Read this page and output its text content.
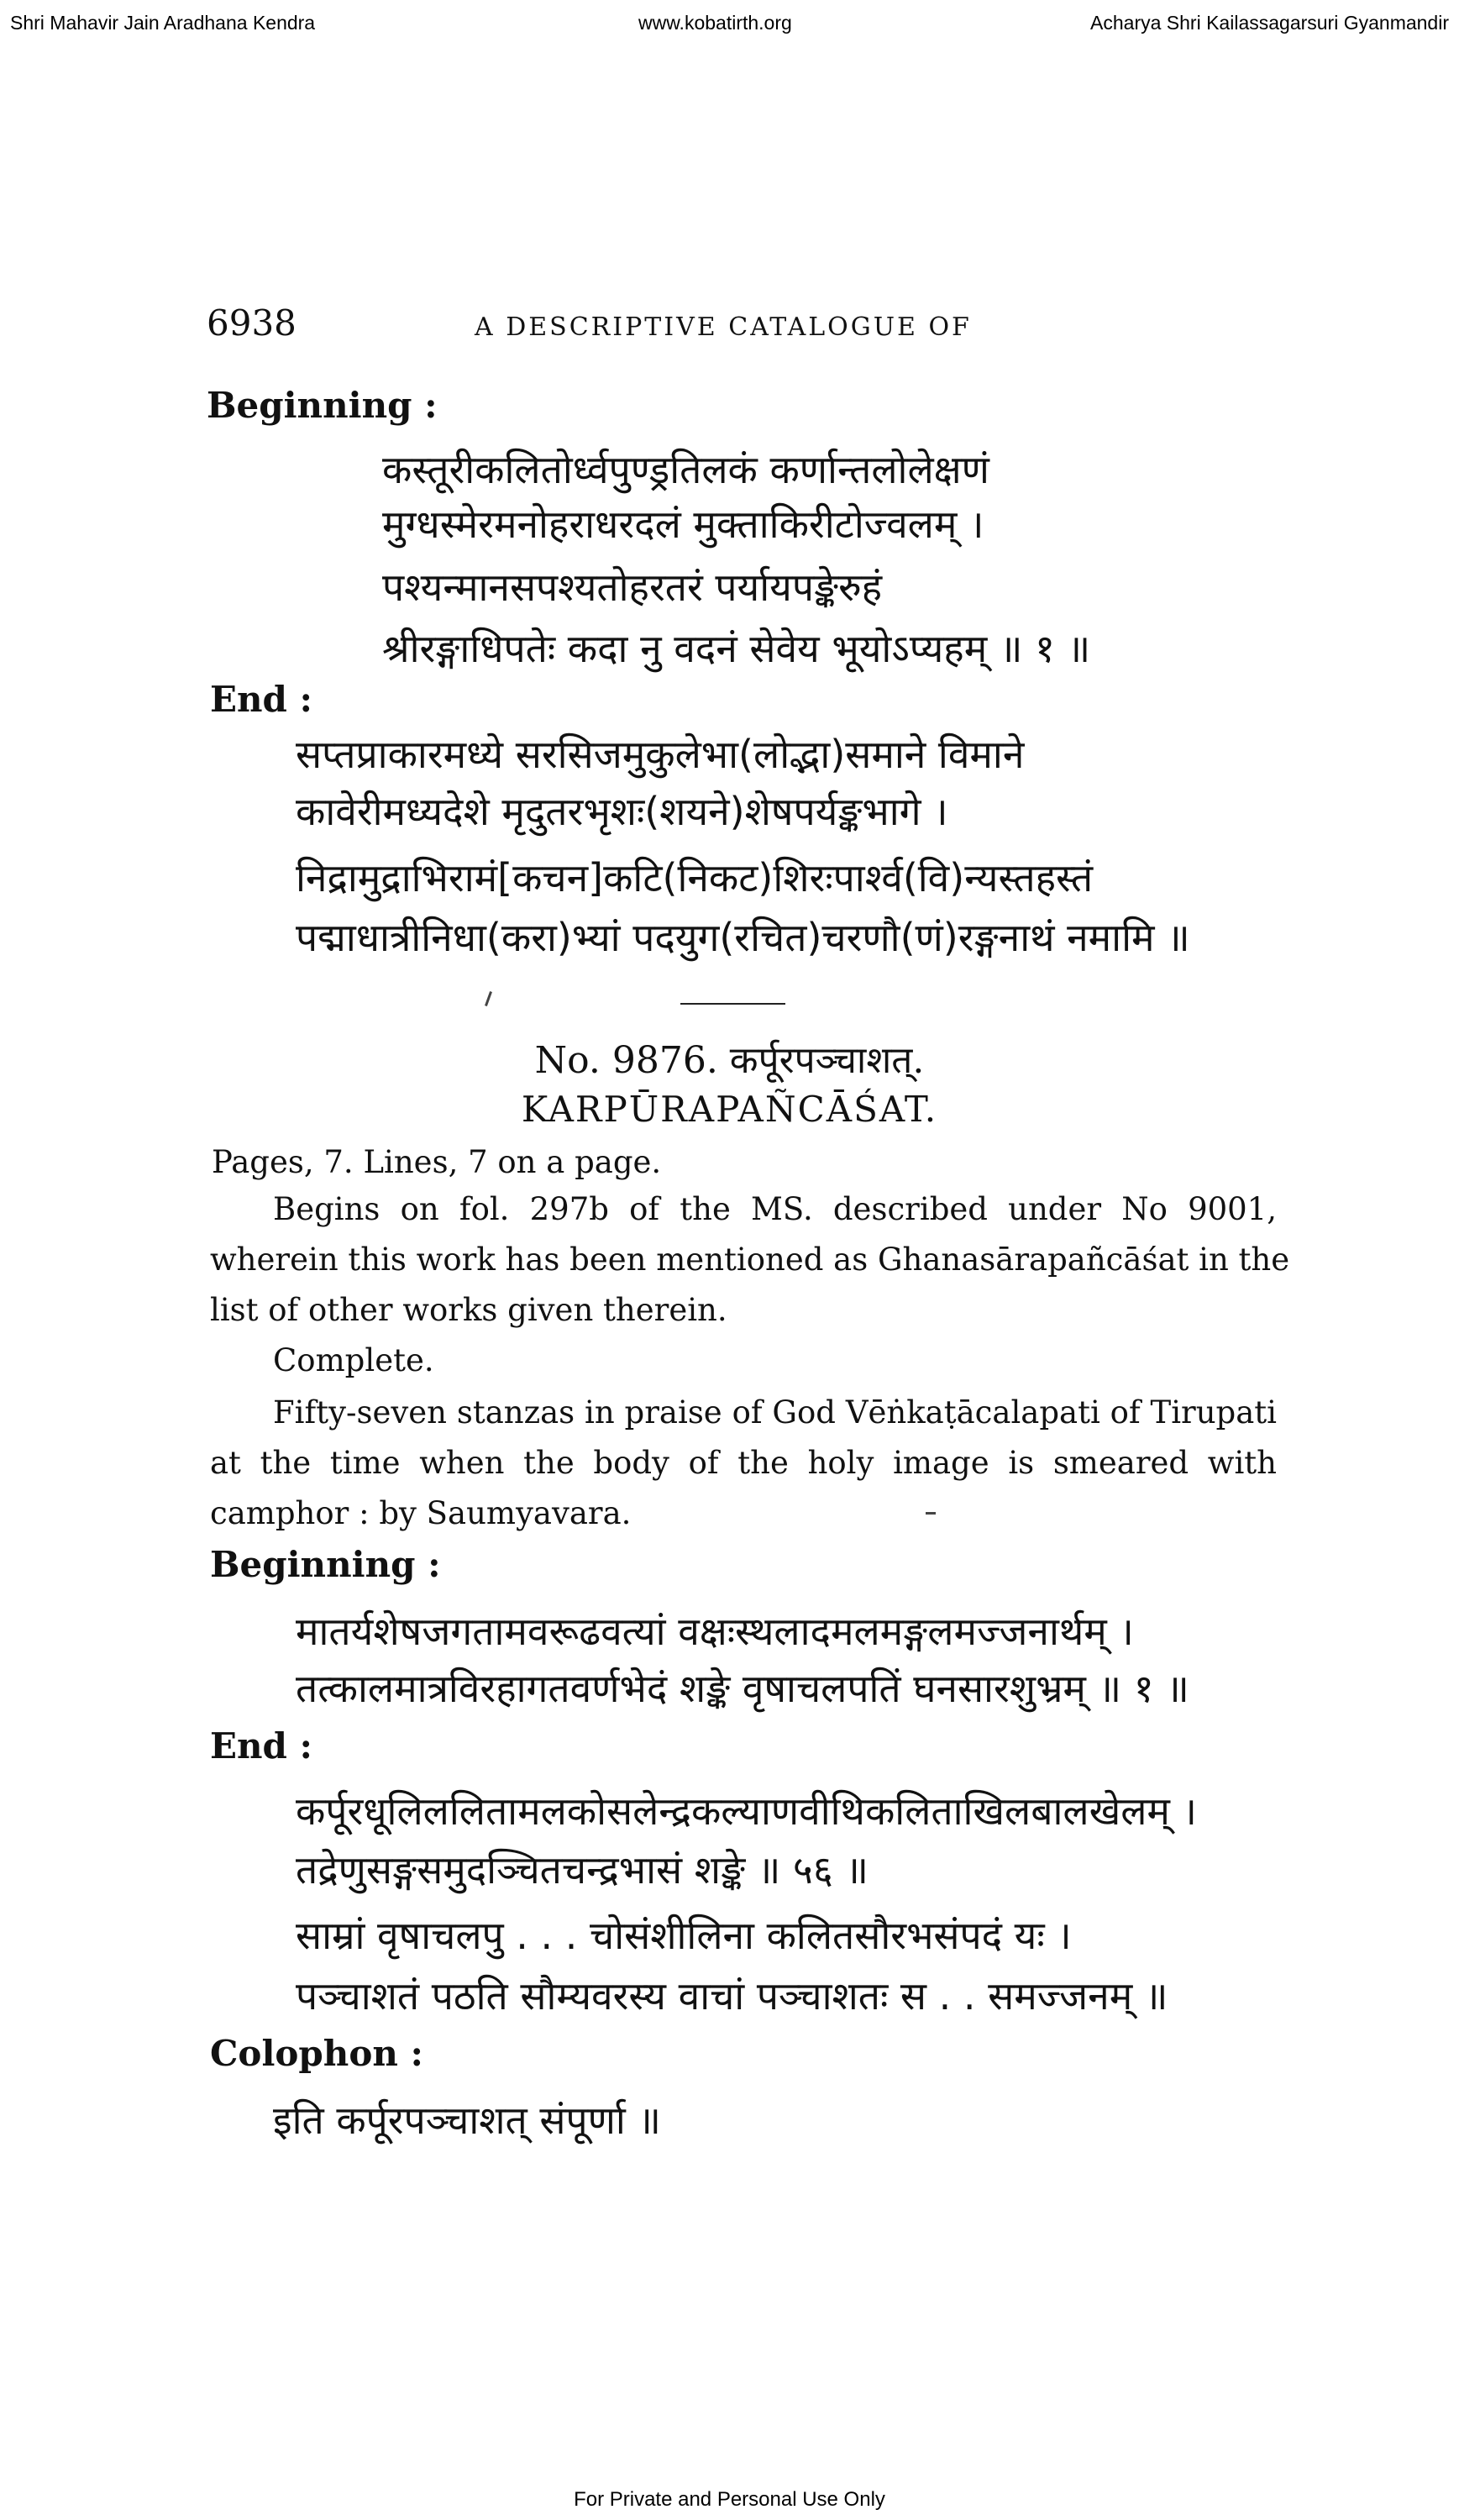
Shri Mahavir Jain Aradhana Kendra	www.kobatirth.org	Acharya Shri Kailassagarsuri Gyanmandir
6938	A DESCRIPTIVE CATALOGUE OF
Beginning :
कस्तूरीकलितोर्ध्वपुण्ड्रतिलकं कर्णान्तलोलेक्षणं
मुग्धस्मेरमनोहराधरदलं मुक्ताकिरीटोज्वलम् ।
पश्यन्मानसपश्यतोहरतरं पर्यायपङ्केरुहं
श्रीरङ्गाधिपतेः कदा नु वदनं सेवेय भूयोऽप्यहम् ॥ १ ॥
End :
सप्तप्राकारमध्ये सरसिजमुकुलेभा(लोद्भा)समाने विमाने
कावेरीमध्यदेशे मृदुतरभृशः(शयने)शेषपर्यङ्कभागे ।
निद्रामुद्राभिरामं[कचन]कटि(निकट)शिरःपार्श्व(वि)न्यस्तहस्तं
पद्माधात्रीनिधा(करा)भ्यां पदयुग(रचित)चरणौ(णं)रङ्गनाथं नमामि ॥
No. 9876. कर्पूरपञ्चाशत्.
KARPŪRAPAÑCĀŚAT.
Pages, 7. Lines, 7 on a page.
Begins on fol. 297b of the MS. described under No 9001,
wherein this work has been mentioned as Ghanasārapañcāśat in the
list of other works given therein.
Complete.
Fifty-seven stanzas in praise of God Vēṅkaṭācalapati of Tirupati
at the time when the body of the holy image is smeared with
camphor : by Saumyavara.
Beginning :
मातर्यशेषजगतामवरूढवत्यां वक्षःस्थलादमलमङ्गलमज्जनार्थम् ।
तत्कालमात्रविरहागतवर्णभेदं शङ्के वृषाचलपतिं घनसारशुभ्रम् ॥ १ ॥
End :
कर्पूरधूलिललितामलकोसलेन्द्रकल्याणवीथिकलिताखिलबालखेलम् ।
तद्रेणुसङ्गसमुदञ्चितचन्द्रभासं शङ्के ॥ ५६ ॥
साम्रां वृषाचलपु . . . चोसंशीलिना कलितसौरभसंपदं यः ।
पञ्चाशतं पठति सौम्यवरस्य वाचां पञ्चाशतः स . . समज्जनम् ॥
Colophon :
इति कर्पूरपञ्चाशत् संपूर्णा ॥
For Private and Personal Use Only
